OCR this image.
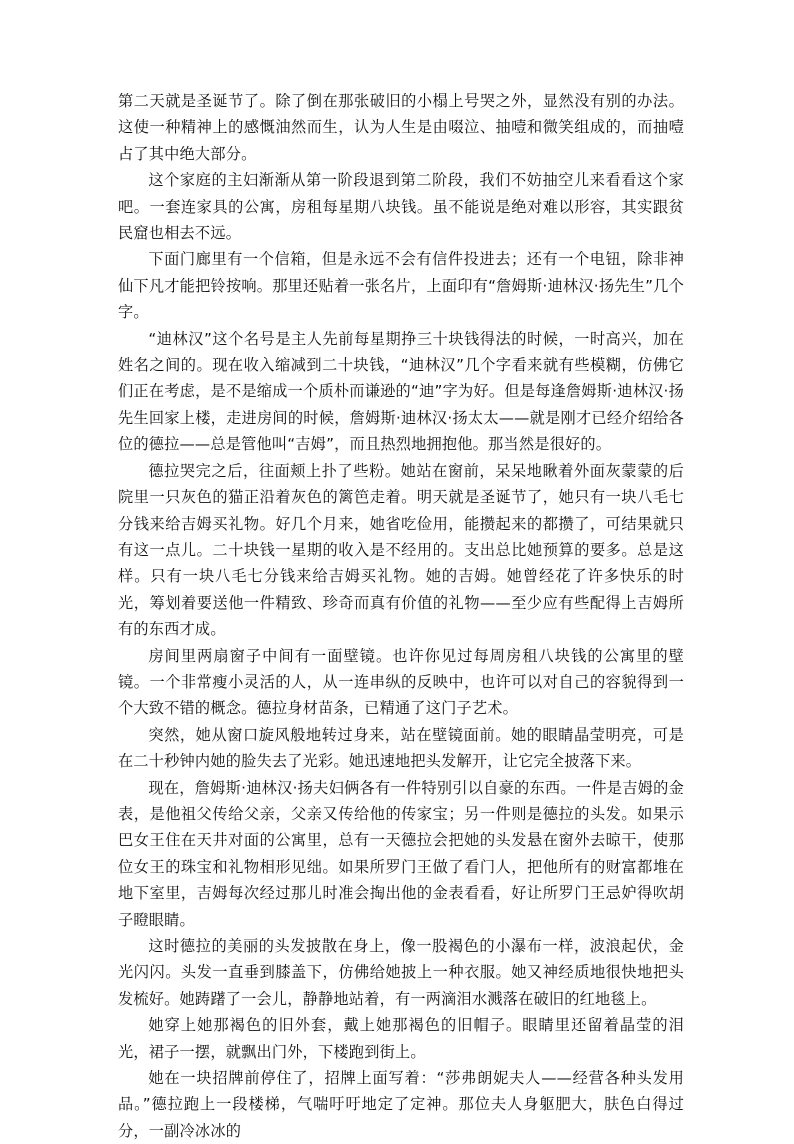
第二天就是圣诞节了。除了倒在那张破旧的小榻上号哭之外，显然没有别的办法。这使一种精神上的感慨油然而生，认为人生是由啜泣、抽噎和微笑组成的，而抽噎占了其中绝大部分。

这个家庭的主妇渐渐从第一阶段退到第二阶段，我们不妨抽空儿来看看这个家吧。一套连家具的公寓，房租每星期八块钱。虽不能说是绝对难以形容，其实跟贫民窟也相去不远。

下面门廊里有一个信箱，但是永远不会有信件投进去；还有一个电钮，除非神仙下凡才能把铃按响。那里还贴着一张名片，上面印有“詹姆斯·迪林汉·扬先生”几个字。

“迪林汉”这个名号是主人先前每星期挣三十块钱得法的时候，一时高兴，加在姓名之间的。现在收入缩减到二十块钱，“迪林汉”几个字看来就有些模糊，仿佛它们正在考虑，是不是缩成一个质朴而谦逊的“迪”字为好。但是每逢詹姆斯·迪林汉·扬先生回家上楼，走进房间的时候，詹姆斯·迪林汉·扬太太——就是刚才已经介绍给各位的德拉——总是管他叫“吉姆”，而且热烈地拥抱他。那当然是很好的。

德拉哭完之后，往面颊上扑了些粉。她站在窗前，呆呆地瞅着外面灰蒙蒙的后院里一只灰色的猫正沿着灰色的篱笆走着。明天就是圣诞节了，她只有一块八毛七分钱来给吉姆买礼物。好几个月来，她省吃俭用，能攒起来的都攒了，可结果就只有这一点儿。二十块钱一星期的收入是不经用的。支出总比她预算的要多。总是这样。只有一块八毛七分钱来给吉姆买礼物。她的吉姆。她曾经花了许多快乐的时光，筹划着要送他一件精致、珍奇而真有价值的礼物——至少应有些配得上吉姆所有的东西才成。

房间里两扇窗子中间有一面壁镜。也许你见过每周房租八块钱的公寓里的壁镜。一个非常瘦小灵活的人，从一连串纵的反映中，也许可以对自己的容貌得到一个大致不错的概念。德拉身材苗条，已精通了这门子艺术。

突然，她从窗口旋风般地转过身来，站在壁镜面前。她的眼睛晶莹明亮，可是在二十秒钟内她的脸失去了光彩。她迅速地把头发解开，让它完全披落下来。

现在，詹姆斯·迪林汉·扬夫妇俩各有一件特别引以自豪的东西。一件是吉姆的金表，是他祖父传给父亲，父亲又传给他的传家宝；另一件则是德拉的头发。如果示巴女王住在天井对面的公寓里，总有一天德拉会把她的头发悬在窗外去晾干，使那位女王的珠宝和礼物相形见绌。如果所罗门王做了看门人，把他所有的财富都堆在地下室里，吉姆每次经过那儿时准会掏出他的金表看看，好让所罗门王忌妒得吹胡子瞪眼睛。

这时德拉的美丽的头发披散在身上，像一股褐色的小瀑布一样，波浪起伏，金光闪闪。头发一直垂到膝盖下，仿佛给她披上一种衣服。她又神经质地很快地把头发梳好。她踌躇了一会儿，静静地站着，有一两滴泪水溅落在破旧的红地毯上。

她穿上她那褐色的旧外套，戴上她那褐色的旧帽子。眼睛里还留着晶莹的泪光，裙子一摆，就飘出门外，下楼跑到街上。

她在一块招牌前停住了，招牌上面写着：“莎弗朗妮夫人——经营各种头发用品。”德拉跑上一段楼梯，气喘吁吁地定了定神。那位夫人身躯肥大，肤色白得过分，一副冷冰冰的
